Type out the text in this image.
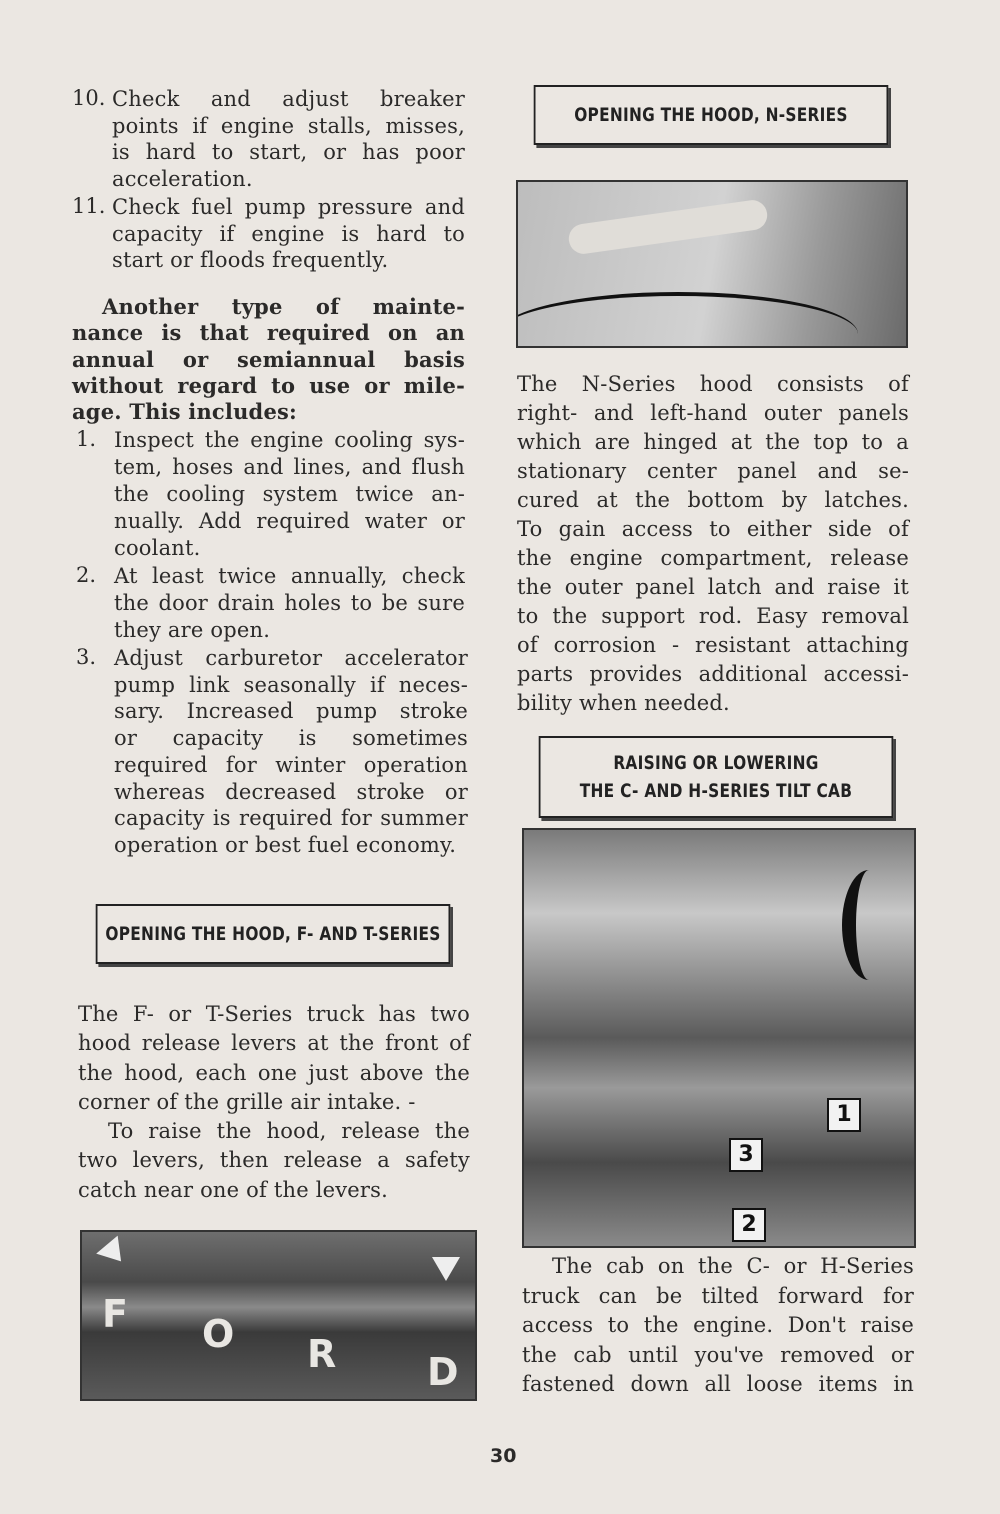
10. Check and adjust breaker
points if engine stalls, misses,
is hard to start, or has poor
acceleration.
11. Check fuel pump pressure and
capacity if engine is hard to
start or floods frequently.
Another type of mainte-
nance is that required on an
annual or semiannual basis
without regard to use or mile-
age. This includes:
1. Inspect the engine cooling sys-
tem, hoses and lines, and flush
the cooling system twice an-
nually. Add required water or
coolant.
2. At least twice annually, check
the door drain holes to be sure
they are open.
3. Adjust carburetor accelerator
pump link seasonally if neces-
sary. Increased pump stroke
or capacity is sometimes
required for winter operation
whereas decreased stroke or
capacity is required for summer
operation or best fuel economy.
OPENING THE HOOD, F- AND T-SERIES
The F- or T-Series truck has two
hood release levers at the front of
the hood, each one just above the
corner of the grille air intake. -
To raise the hood, release the
two levers, then release a safety
catch near one of the levers.
F O R D
OPENING THE HOOD, N-SERIES
The N-Series hood consists of
right- and left-hand outer panels
which are hinged at the top to a
stationary center panel and se-
cured at the bottom by latches.
To gain access to either side of
the engine compartment, release
the outer panel latch and raise it
to the support rod. Easy removal
of corrosion - resistant attaching
parts provides additional accessi-
bility when needed.
RAISING OR LOWERING
THE C- AND H-SERIES TILT CAB
1
3
2
The cab on the C- or H-Series
truck can be tilted forward for
access to the engine. Don't raise
the cab until you've removed or
fastened down all loose items in
30
